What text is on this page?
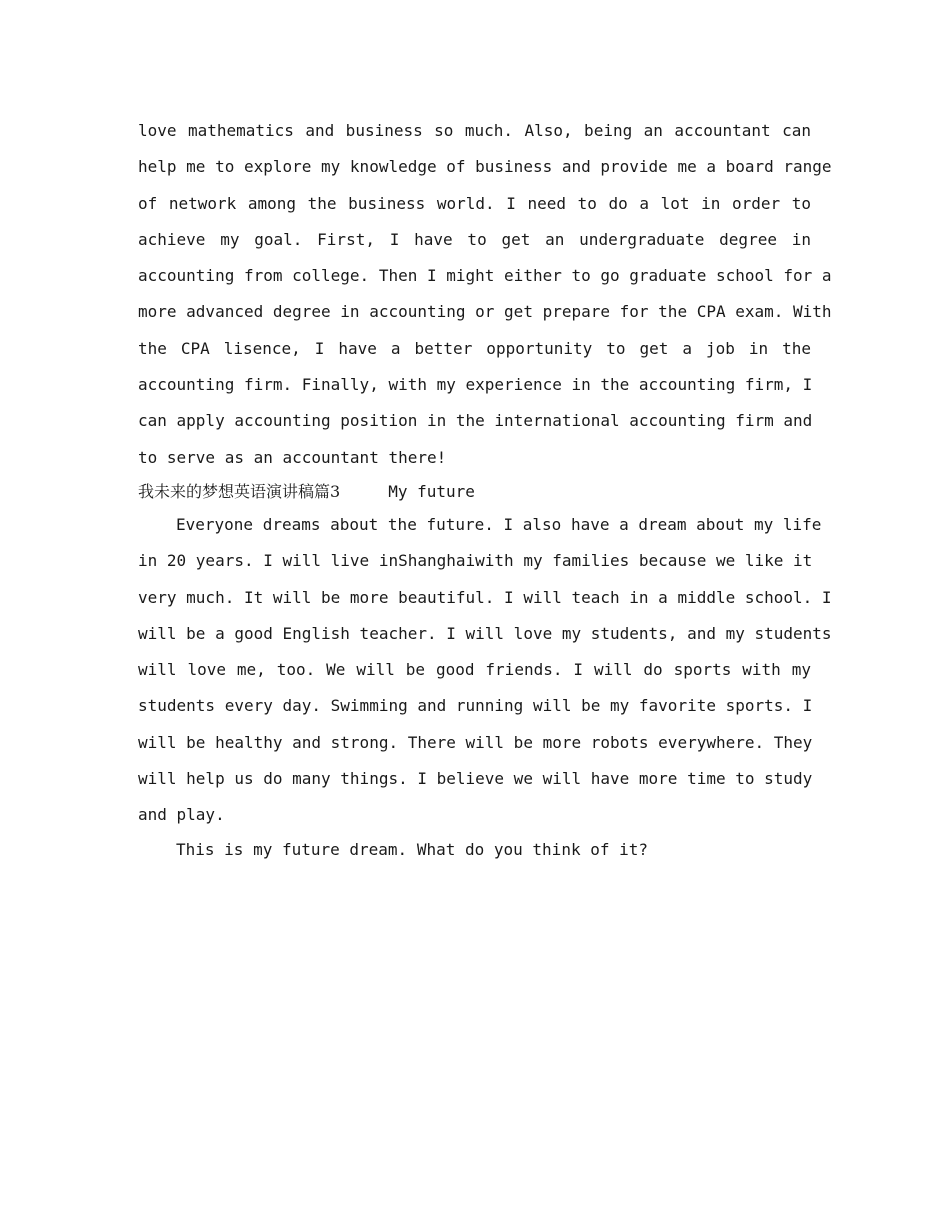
love mathematics and business so much. Also, being an accountant can
help me to explore my knowledge of business and provide me a board range
of network among the business world. I need to do a lot in order to
achieve my goal. First, I have to get an undergraduate degree in
accounting from college. Then I might either to go graduate school for a
more advanced degree in accounting or get prepare for the CPA exam. With
the CPA lisence, I have a better opportunity to get a job in the
accounting firm. Finally, with my experience in the accounting firm, I
can apply accounting position in the international accounting firm and
to serve as an accountant there!
我未来的梦想英语演讲稿篇3	My future
Everyone dreams about the future. I also have a dream about my life
in 20 years. I will live inShanghaiwith my families because we like it
very much. It will be more beautiful. I will teach in a middle school. I
will be a good English teacher. I will love my students, and my students
will love me, too. We will be good friends. I will do sports with my
students every day. Swimming and running will be my favorite sports. I
will be healthy and strong. There will be more robots everywhere. They
will help us do many things. I believe we will have more time to study
and play.
This is my future dream. What do you think of it?
